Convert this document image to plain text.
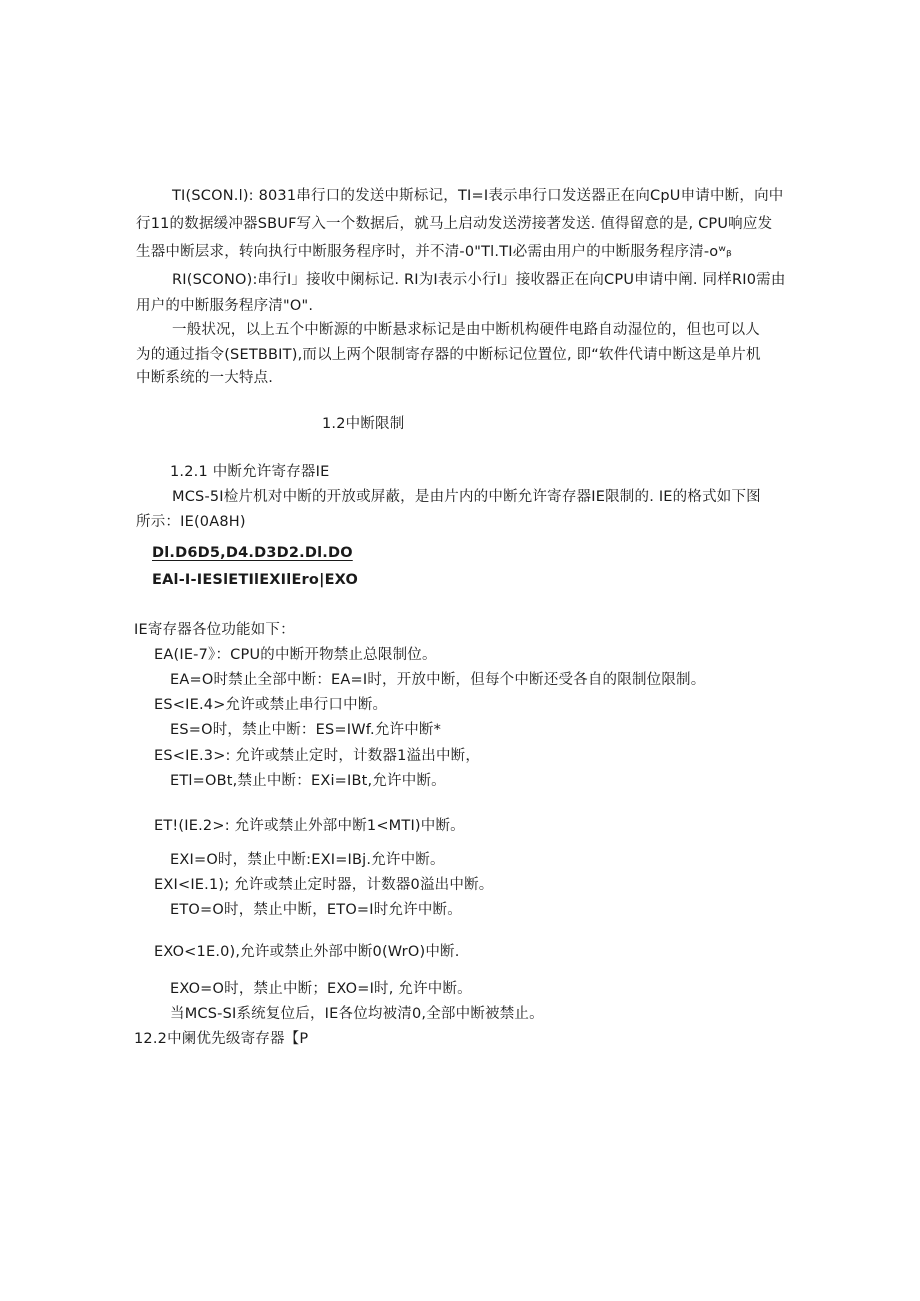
TI(SCON.l): 8031串行口的发送中斯标记，TI=I表示串行口发送器正在向CpU申请中断，向中
行11的数据缓冲器SBUF写入一个数据后，就马上启动发送涝接著发送. 值得留意的是, CPU响应发
生器中断层求，转向执行中断服务程序时，并不清-0"Tl.TI必需由用户的中断服务程序清-oʷᵦ
RI(SCONO):串行I」接收中阑标记. RI为I表示小行I」接收器正在向CPU申请中阐. 同样RI0需由
用户的中断服务程序清"O".
一般状况，以上五个中断源的中断悬求标记是由中断机构硬件电路自动湿位的，但也可以人
为的通过指令(SETBBIT),而以上两个限制寄存器的中断标记位置位, 即“软件代请中断这是单片机
中断系统的一大特点.
1.2中断限制
1.2.1 中断允许寄存器IE
MCS-5I检片机对中断的开放或屏蔽，是由片内的中断允许寄存器IE限制的. IE的格式如下图
所示：IE(0A8H)
Dl.D6D5,D4.D3D2.Dl.DO
EAl-I-IESlETIlEXIlEro|EXO
IE寄存器各位功能如下：
EA(IE-7》：CPU的中断开物禁止总限制位。
EA=O时禁止全部中断：EA=I时，开放中断，但每个中断还受各自的限制位限制。
ES<IE.4>允许或禁止串行口中断。
ES=O时，禁止中断：ES=IWf.允许中断*
ES<IE.3>: 允许或禁止定时，计数器1溢出中断，
ETl=OBt,禁止中断：EXi=IBt,允许中断。
ET!(IE.2>: 允许或禁止外部中断1<MTI)中断。
EXI=O时，禁止中断:EXI=IBj.允许中断。
EXI<IE.1); 允许或禁止定时器，计数器0溢出中断。
ETO=O时，禁止中断，ETO=I时允许中断。
EXO<1E.0),允许或禁止外部中断0(WrO)中断.
EXO=O时，禁止中断；EXO=I时, 允许中断。
当MCS-SI系统复位后，IE各位均被清0,全部中断被禁止。
12.2中阑优先级寄存器【P
